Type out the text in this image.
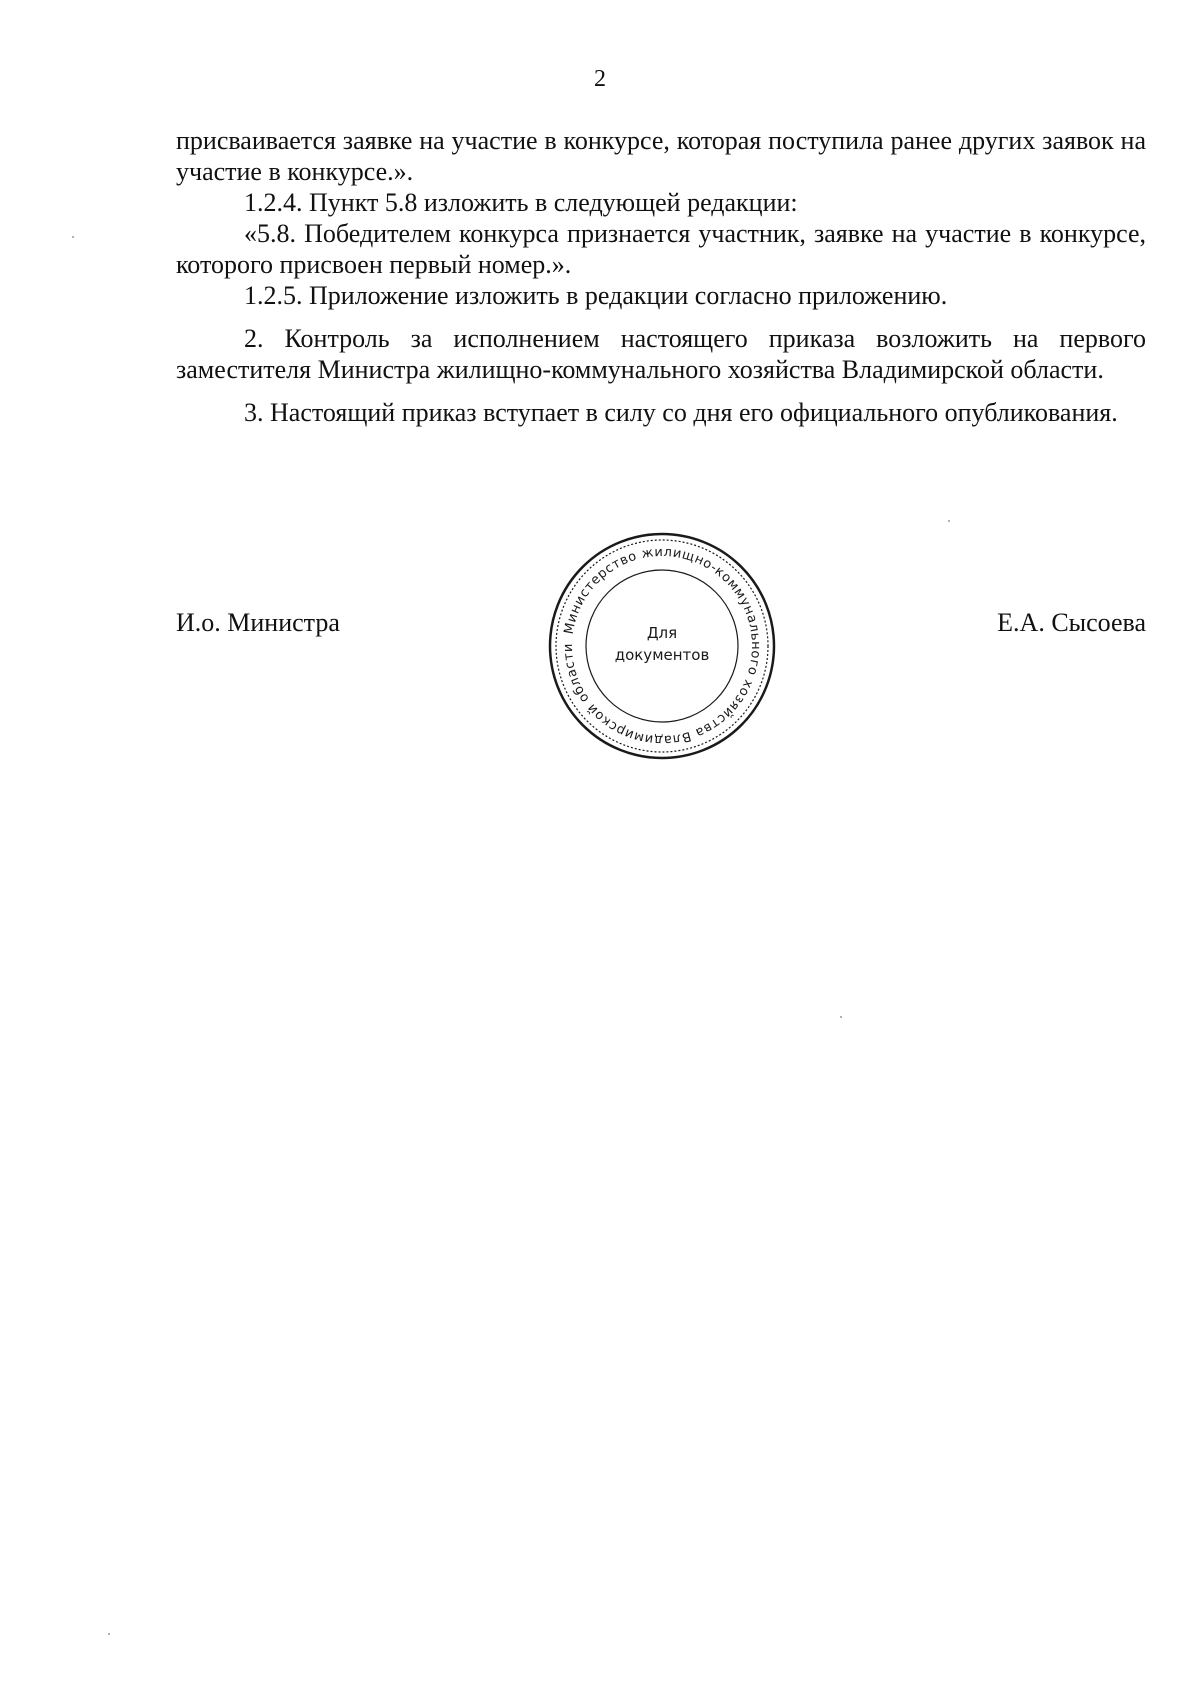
2

присваивается заявке на участие в конкурсе, которая поступила ранее других заявок на участие в конкурсе.».

1.2.4. Пункт 5.8 изложить в следующей редакции:

«5.8. Победителем конкурса признается участник, заявке на участие в конкурсе, которого присвоен первый номер.».

1.2.5. Приложение изложить в редакции согласно приложению.

2. Контроль за исполнением настоящего приказа возложить на первого заместителя Министра жилищно-коммунального хозяйства Владимирской области.

3. Настоящий приказ вступает в силу со дня его официального опубликования.

И.о. Министра	Министерство жилищно-коммунального хозяйства Владимирской области
Для
документов
Е.А. Сысоева
